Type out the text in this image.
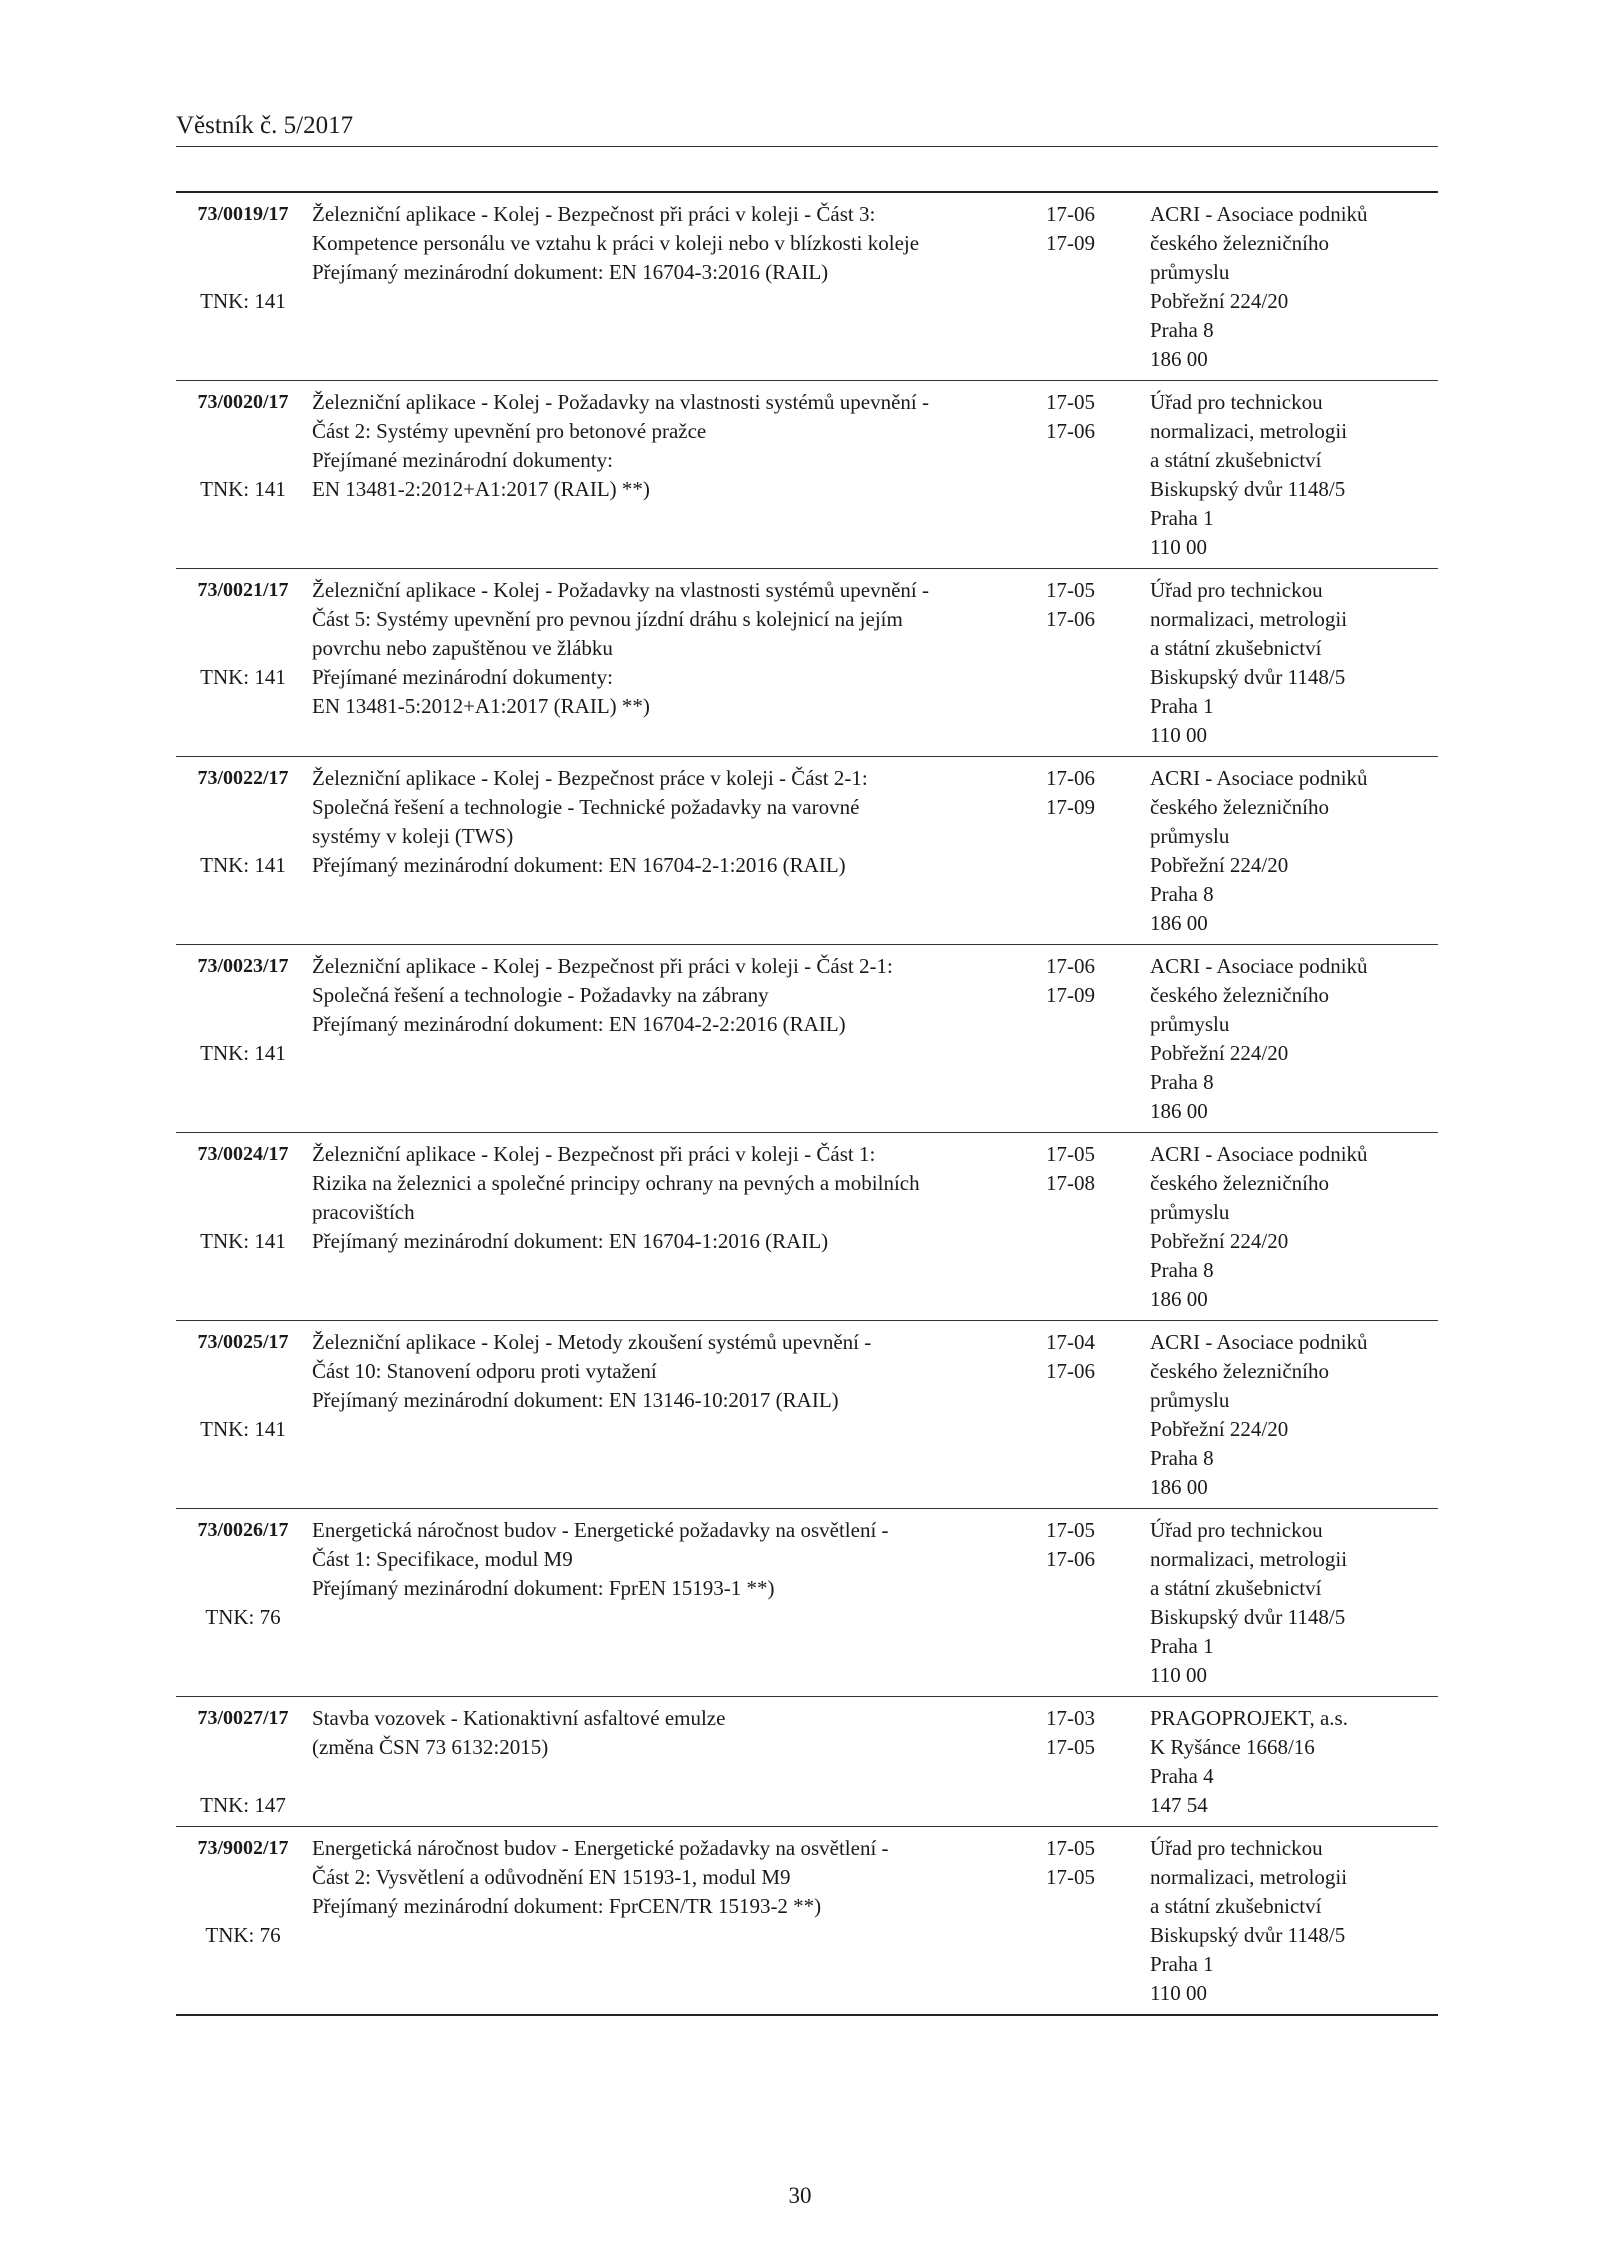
Věstník č. 5/2017
73/0019/17
TNK: 141
Železniční aplikace - Kolej - Bezpečnost při práci v koleji - Část 3:
Kompetence personálu ve vztahu k práci v koleji nebo v blízkosti koleje
Přejímaný mezinárodní dokument: EN 16704-3:2016 (RAIL)
17-06
17-09
ACRI - Asociace podniků
českého železničního
průmyslu
Pobřežní 224/20
Praha 8
186 00
73/0020/17
TNK: 141
Železniční aplikace - Kolej - Požadavky na vlastnosti systémů upevnění -
Část 2: Systémy upevnění pro betonové pražce
Přejímané mezinárodní dokumenty:
EN 13481-2:2012+A1:2017 (RAIL) **)
17-05
17-06
Úřad pro technickou
normalizaci, metrologii
a státní zkušebnictví
Biskupský dvůr 1148/5
Praha 1
110 00
73/0021/17
TNK: 141
Železniční aplikace - Kolej - Požadavky na vlastnosti systémů upevnění -
Část 5: Systémy upevnění pro pevnou jízdní dráhu s kolejnicí na jejím
povrchu nebo zapuštěnou ve žlábku
Přejímané mezinárodní dokumenty:
EN 13481-5:2012+A1:2017 (RAIL) **)
17-05
17-06
Úřad pro technickou
normalizaci, metrologii
a státní zkušebnictví
Biskupský dvůr 1148/5
Praha 1
110 00
73/0022/17
TNK: 141
Železniční aplikace - Kolej - Bezpečnost práce v koleji - Část 2-1:
Společná řešení a technologie - Technické požadavky na varovné
systémy v koleji (TWS)
Přejímaný mezinárodní dokument: EN 16704-2-1:2016 (RAIL)
17-06
17-09
ACRI - Asociace podniků
českého železničního
průmyslu
Pobřežní 224/20
Praha 8
186 00
73/0023/17
TNK: 141
Železniční aplikace - Kolej - Bezpečnost při práci v koleji - Část 2-1:
Společná řešení a technologie - Požadavky na zábrany
Přejímaný mezinárodní dokument: EN 16704-2-2:2016 (RAIL)
17-06
17-09
ACRI - Asociace podniků
českého železničního
průmyslu
Pobřežní 224/20
Praha 8
186 00
73/0024/17
TNK: 141
Železniční aplikace - Kolej - Bezpečnost při práci v koleji - Část 1:
Rizika na železnici a společné principy ochrany na pevných a mobilních
pracovištích
Přejímaný mezinárodní dokument: EN 16704-1:2016 (RAIL)
17-05
17-08
ACRI - Asociace podniků
českého železničního
průmyslu
Pobřežní 224/20
Praha 8
186 00
73/0025/17
TNK: 141
Železniční aplikace - Kolej - Metody zkoušení systémů upevnění -
Část 10: Stanovení odporu proti vytažení
Přejímaný mezinárodní dokument: EN 13146-10:2017 (RAIL)
17-04
17-06
ACRI - Asociace podniků
českého železničního
průmyslu
Pobřežní 224/20
Praha 8
186 00
73/0026/17
TNK: 76
Energetická náročnost budov - Energetické požadavky na osvětlení -
Část 1: Specifikace, modul M9
Přejímaný mezinárodní dokument: FprEN 15193-1 **)
17-05
17-06
Úřad pro technickou
normalizaci, metrologii
a státní zkušebnictví
Biskupský dvůr 1148/5
Praha 1
110 00
73/0027/17
TNK: 147
Stavba vozovek - Kationaktivní asfaltové emulze
(změna ČSN 73 6132:2015)
17-03
17-05
PRAGOPROJEKT, a.s.
K Ryšánce 1668/16
Praha 4
147 54
73/9002/17
TNK: 76
Energetická náročnost budov - Energetické požadavky na osvětlení -
Část 2: Vysvětlení a odůvodnění EN 15193-1, modul M9
Přejímaný mezinárodní dokument: FprCEN/TR 15193-2 **)
17-05
17-05
Úřad pro technickou
normalizaci, metrologii
a státní zkušebnictví
Biskupský dvůr 1148/5
Praha 1
110 00
30
